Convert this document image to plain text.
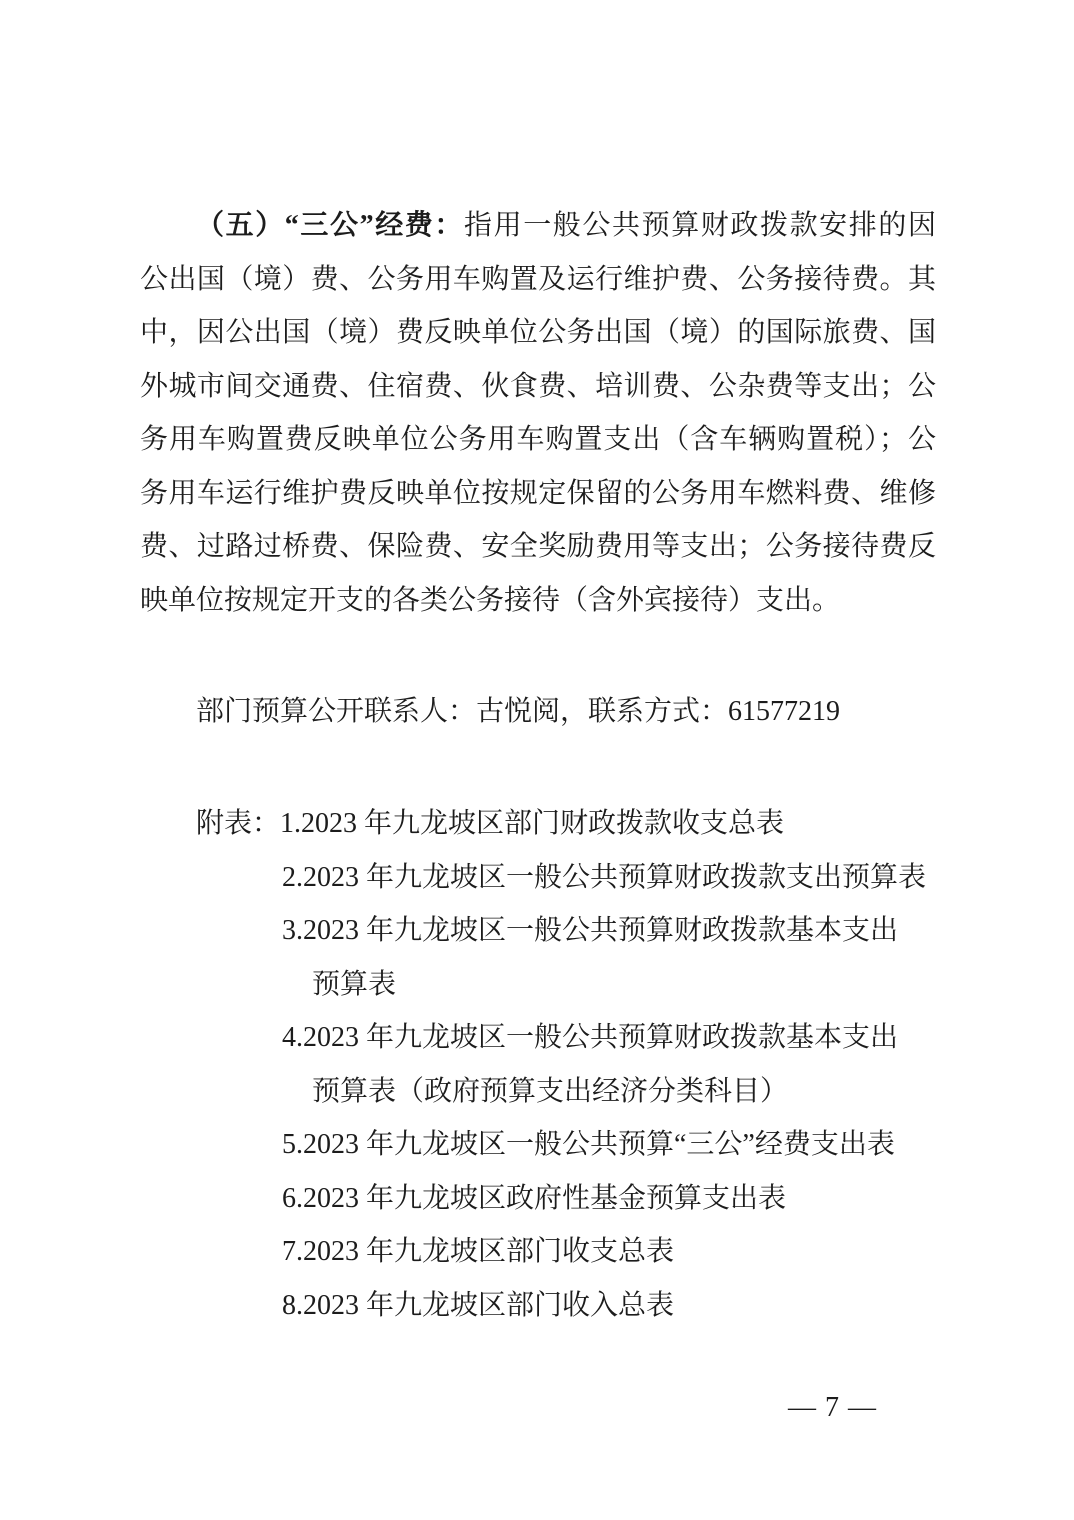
（五）“三公”经费：指用一般公共预算财政拨款安排的因
公出国（境）费、公务用车购置及运行维护费、公务接待费。其
中，因公出国（境）费反映单位公务出国（境）的国际旅费、国
外城市间交通费、住宿费、伙食费、培训费、公杂费等支出；公
务用车购置费反映单位公务用车购置支出（含车辆购置税）；公
务用车运行维护费反映单位按规定保留的公务用车燃料费、维修
费、过路过桥费、保险费、安全奖励费用等支出；公务接待费反
映单位按规定开支的各类公务接待（含外宾接待）支出。
部门预算公开联系人：古悦阅，联系方式：61577219
附表：1.2023 年九龙坡区部门财政拨款收支总表
2.2023 年九龙坡区一般公共预算财政拨款支出预算表
3.2023 年九龙坡区一般公共预算财政拨款基本支出
预算表
4.2023 年九龙坡区一般公共预算财政拨款基本支出
预算表（政府预算支出经济分类科目）
5.2023 年九龙坡区一般公共预算“三公”经费支出表
6.2023 年九龙坡区政府性基金预算支出表
7.2023 年九龙坡区部门收支总表
8.2023 年九龙坡区部门收入总表
— 7 —
